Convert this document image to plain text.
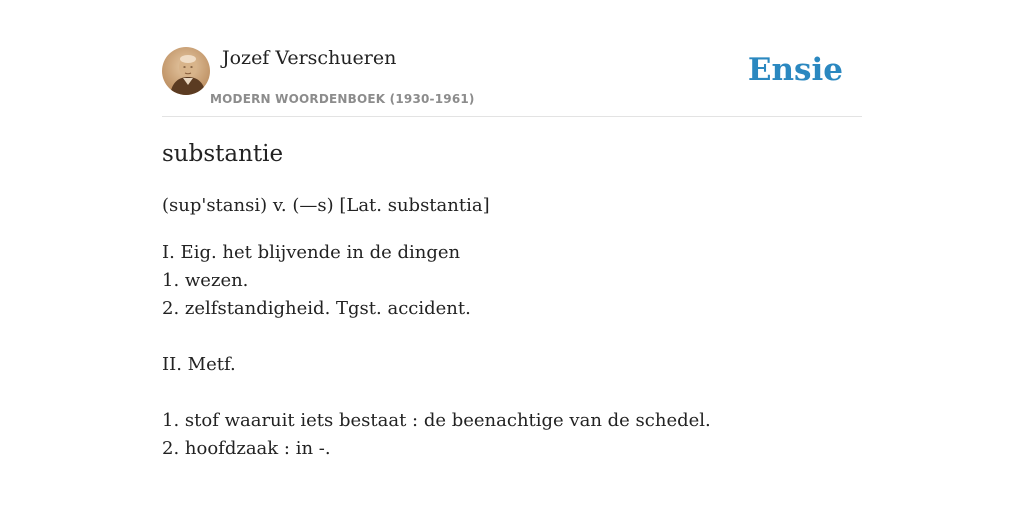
Jozef Verschueren
MODERN WOORDENBOEK (1930-1961)
Ensie
substantie
(sup'stansi) v. (—s) [Lat. substantia]
I. Eig. het blijvende in de dingen
1. wezen.
2. zelfstandigheid. Tgst. accident.
II. Metf.
1. stof waaruit iets bestaat : de beenachtige van de schedel.
2. hoofdzaak : in -.
